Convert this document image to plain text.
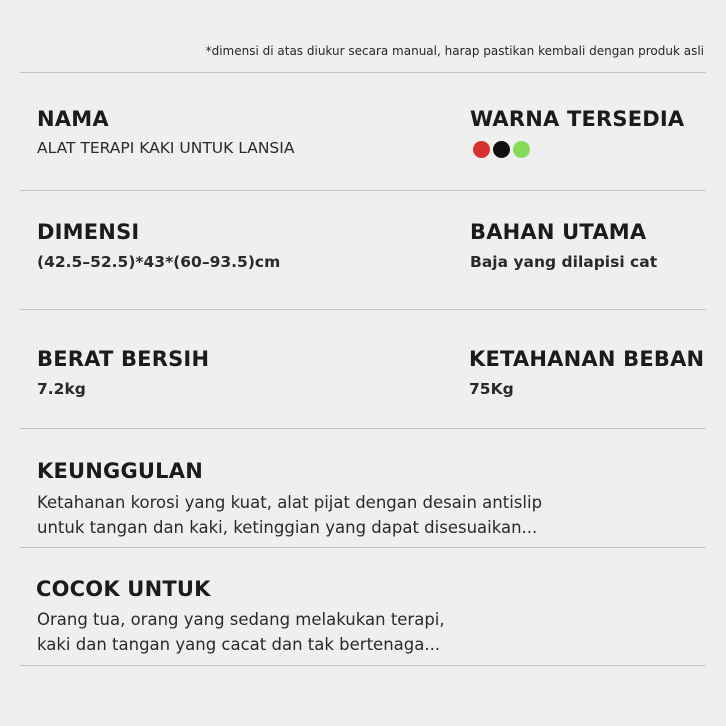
*dimensi di atas diukur secara manual, harap pastikan kembali dengan produk asli
NAMA
ALAT TERAPI KAKI UNTUK LANSIA
WARNA TERSEDIA
DIMENSI
(42.5–52.5)*43*(60–93.5)cm
BAHAN UTAMA
Baja yang dilapisi cat
BERAT BERSIH
7.2kg
KETAHANAN BEBAN
75Kg
KEUNGGULAN
Ketahanan korosi yang kuat, alat pijat dengan desain antislip
untuk tangan dan kaki, ketinggian yang dapat disesuaikan...
COCOK UNTUK
Orang tua, orang yang sedang melakukan terapi,
kaki dan tangan yang cacat dan tak bertenaga...
